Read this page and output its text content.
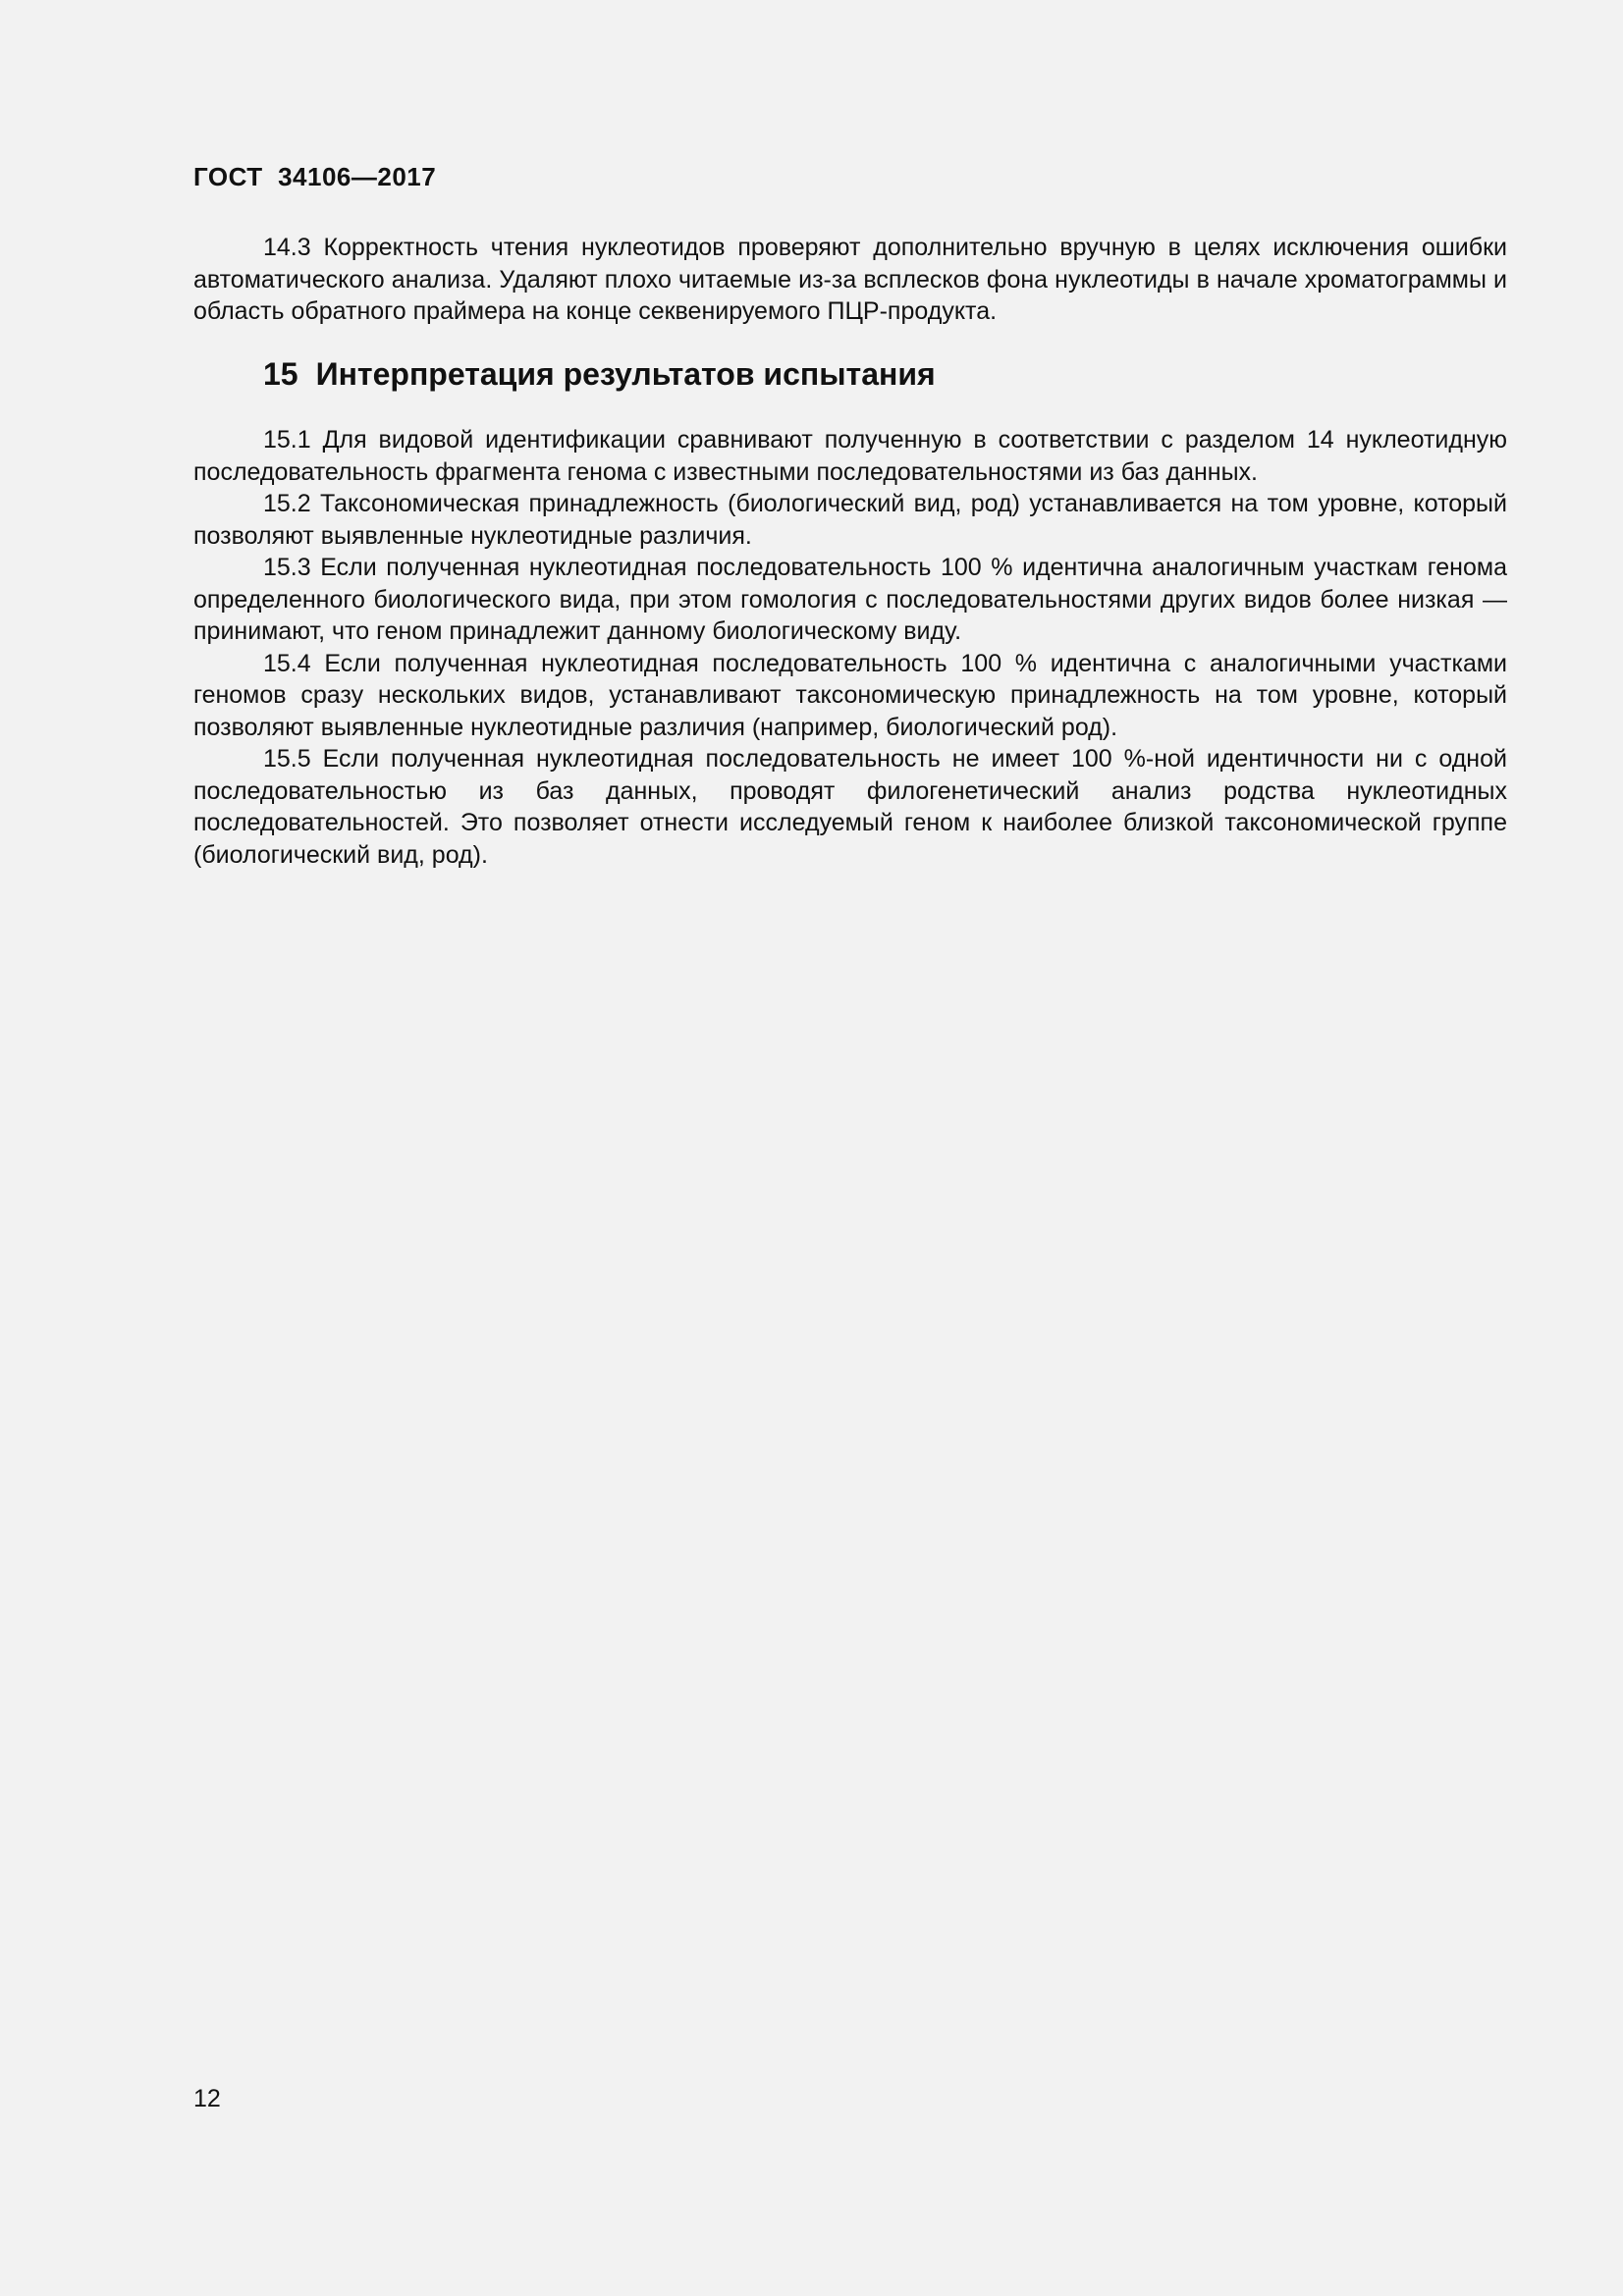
ГОСТ  34106—2017

14.3 Корректность чтения нуклеотидов проверяют дополнительно вручную в целях исключения ошибки автоматического анализа. Удаляют плохо читаемые из-за всплесков фона нуклеотиды в начале хроматограммы и область обратного праймера на конце секвенируемого ПЦР-продукта.

15 Интерпретация результатов испытания

15.1 Для видовой идентификации сравнивают полученную в соответствии с разделом 14 нуклеотидную последовательность фрагмента генома с известными последовательностями из баз данных.

15.2 Таксономическая принадлежность (биологический вид, род) устанавливается на том уровне, который позволяют выявленные нуклеотидные различия.

15.3 Если полученная нуклеотидная последовательность 100 % идентична аналогичным участкам генома определенного биологического вида, при этом гомология с последовательностями других видов более низкая — принимают, что геном принадлежит данному биологическому виду.

15.4 Если полученная нуклеотидная последовательность 100 % идентична с аналогичными участками геномов сразу нескольких видов, устанавливают таксономическую принадлежность на том уровне, который позволяют выявленные нуклеотидные различия (например, биологический род).

15.5 Если полученная нуклеотидная последовательность не имеет 100 %-ной идентичности ни с одной последовательностью из баз данных, проводят филогенетический анализ родства нуклеотидных последовательностей. Это позволяет отнести исследуемый геном к наиболее близкой таксономической группе (биологический вид, род).

12
